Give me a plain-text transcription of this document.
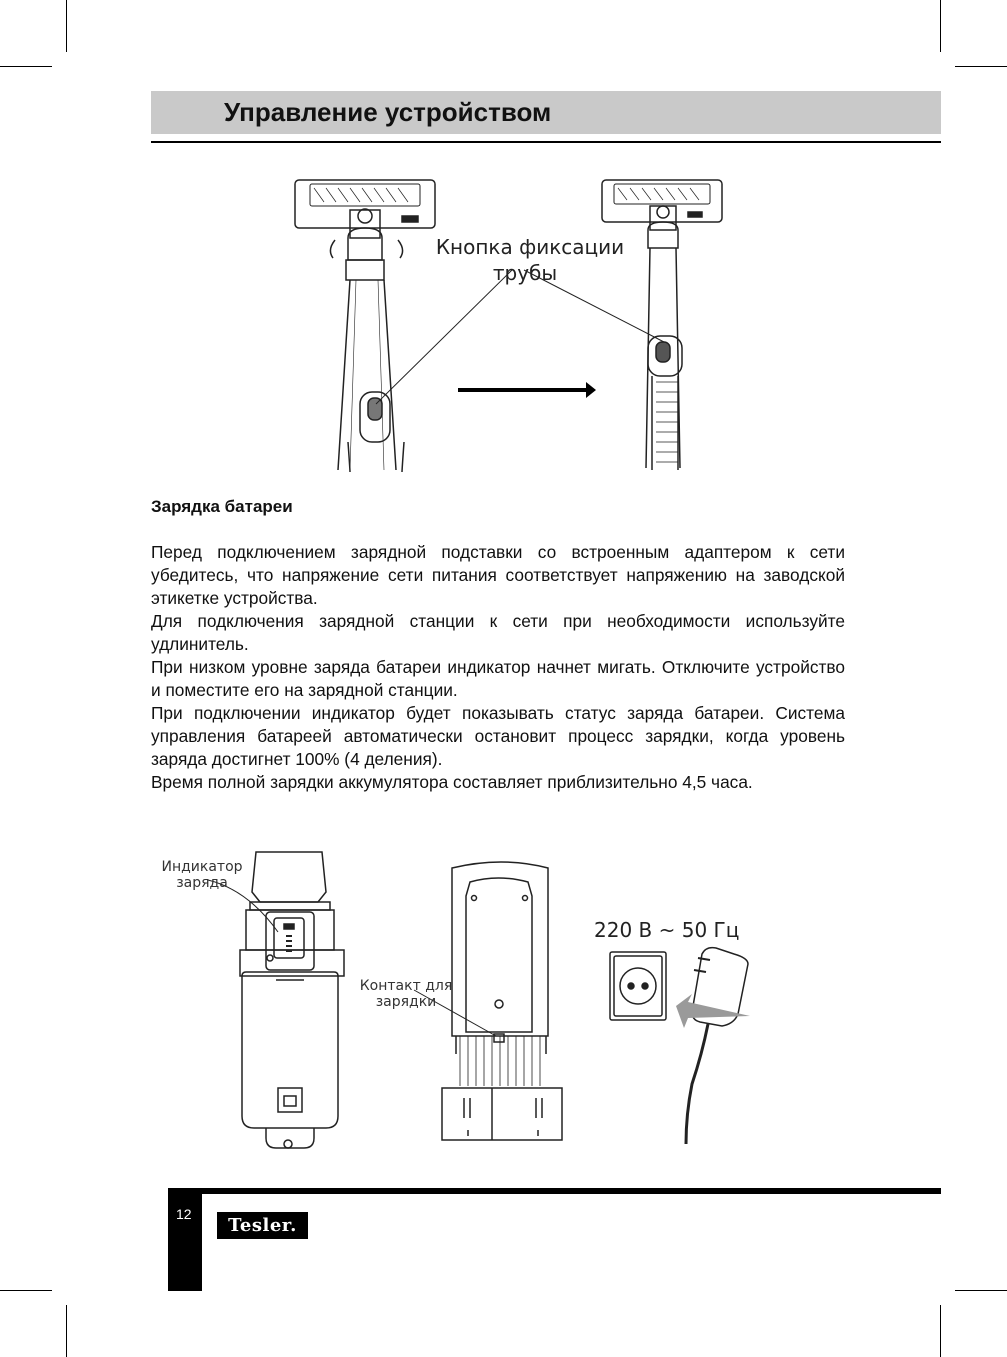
Управление устройством
Кнопка фиксации
трубы
Зарядка батареи

Перед подключением зарядной подставки со встроенным адаптером к сети убедитесь, что напряжение сети питания соответствует напряжению на заводской этикетке устройства.

Для подключения зарядной станции к сети при необходимости используйте удлинитель.

При низком уровне заряда батареи индикатор начнет мигать. Отключите устройство и поместите его на зарядной станции.

При подключении индикатор будет показывать статус заряда батареи. Система управления батареей автоматически остановит процесс зарядки, когда уровень заряда достигнет 100% (4 деления).

Время полной зарядки аккумулятора составляет приблизительно 4,5 часа.

Индикатор
заряда
Контакт для
зарядки
220 В ~ 50 Гц
12
Tesler.
